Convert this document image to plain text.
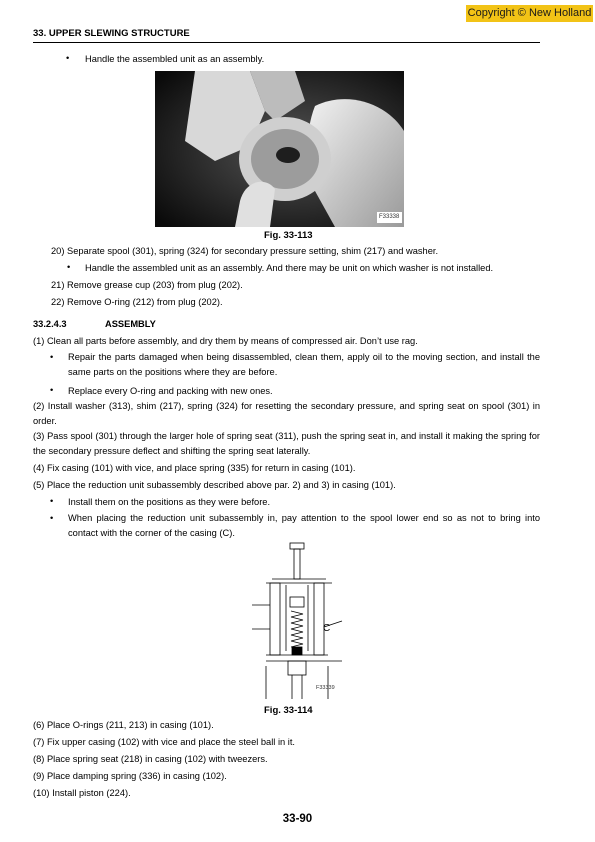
Copyright © New Holland
33. UPPER SLEWING STRUCTURE
• Handle the assembled unit as an assembly.
F33338
Fig. 33-113
20) Separate spool (301), spring (324) for secondary pressure setting, shim (217) and washer.
• Handle the assembled unit as an assembly. And there may be unit on which washer is not installed.
21) Remove grease cup (203) from plug (202).
22) Remove O-ring (212) from plug (202).
33.2.4.3	ASSEMBLY
(1) Clean all parts before assembly, and dry them by means of compressed air. Don’t use rag.
• Repair the parts damaged when being disassembled, clean them, apply oil to the moving section, and install the same parts on the positions where they are before.
• Replace every O-ring and packing with new ones.
(2) Install washer (313), shim (217), spring (324) for resetting the secondary pressure, and spring seat on spool (301) in order.
(3) Pass spool (301) through the larger hole of spring seat (311), push the spring seat in, and install it making the spring for the secondary pressure deflect and shifting the spring seat laterally.
(4) Fix casing (101) with vice, and place spring (335) for return in casing (101).
(5) Place the reduction unit subassembly described above par. 2) and 3) in casing (101).
• Install them on the positions as they were before.
• When placing the reduction unit subassembly in, pay attention to the spool lower end so as not to bring into contact with the corner of the casing (C).
C
F33339
Fig. 33-114
(6) Place O-rings (211, 213) in casing (101).
(7) Fix upper casing (102) with vice and place the steel ball in it.
(8) Place spring seat (218) in casing (102) with tweezers.
(9) Place damping spring (336) in casing (102).
(10) Install piston (224).
33-90
